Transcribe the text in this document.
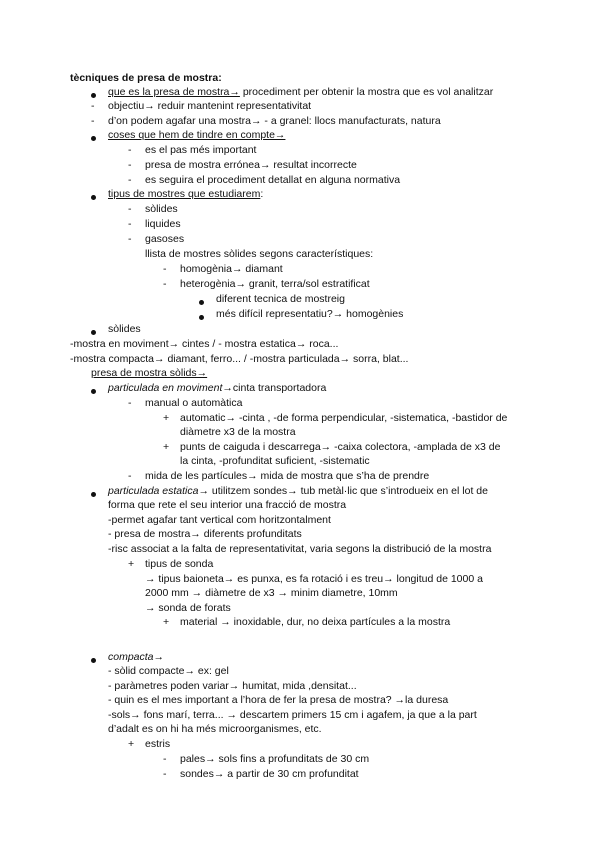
tècniques de presa de mostra:
que es la presa de mostra→ procediment per obtenir la mostra que es vol analitzar
- objectiu→ reduir mantenint representativitat
- d’on podem agafar una mostra→ - a granel: llocs manufacturats, natura
coses que hem de tindre en compte→
- es el pas més important
- presa de mostra errónea→ resultat incorrecte
- es seguira el procediment detallat en alguna normativa
tipus de mostres que estudiarem:
- sòlides
- liquides
- gasoses
llista de mostres sòlides segons característiques:
- homogènia→ diamant
- heterogènia→ granit, terra/sol estratificat
diferent tecnica de mostreig
més difícil representatiu?→ homogènies
sòlides
-mostra en moviment→ cintes / - mostra estatica→ roca...
-mostra compacta→ diamant, ferro... / -mostra particulada→ sorra, blat...
presa de mostra sòlids→
particulada en moviment→cinta transportadora
- manual o automàtica
+ automatic→ -cinta , -de forma perpendicular, -sistematica, -bastidor de
diàmetre x3 de la mostra
+ punts de caiguda i descarrega→ -caixa colectora, -amplada de x3 de
la cinta, -profunditat suficient, -sistematic
- mida de les partícules→ mida de mostra que s’ha de prendre
particulada estatica→ utilitzem sondes→ tub metàl·lic que s’introdueix en el lot de
forma que rete el seu interior una fracció de mostra
-permet agafar tant vertical com horitzontalment
- presa de mostra→ diferents profunditats
-risc associat a la falta de representativitat, varia segons la distribució de la mostra
+ tipus de sonda
→ tipus baioneta→ es punxa, es fa rotació i es treu→ longitud de 1000 a
2000 mm → diàmetre de x3 → minim diametre, 10mm
→ sonda de forats
+ material → inoxidable, dur, no deixa partícules a la mostra
compacta→
- sòlid compacte→ ex: gel
- paràmetres poden variar→ humitat, mida ,densitat...
- quin es el mes important a l’hora de fer la presa de mostra? →la duresa
-sols→ fons marí, terra... → descartem primers 15 cm i agafem, ja que a la part
d’adalt es on hi ha més microorganismes, etc.
+ estris
- pales→ sols fins a profunditats de 30 cm
- sondes→ a partir de 30 cm profunditat
